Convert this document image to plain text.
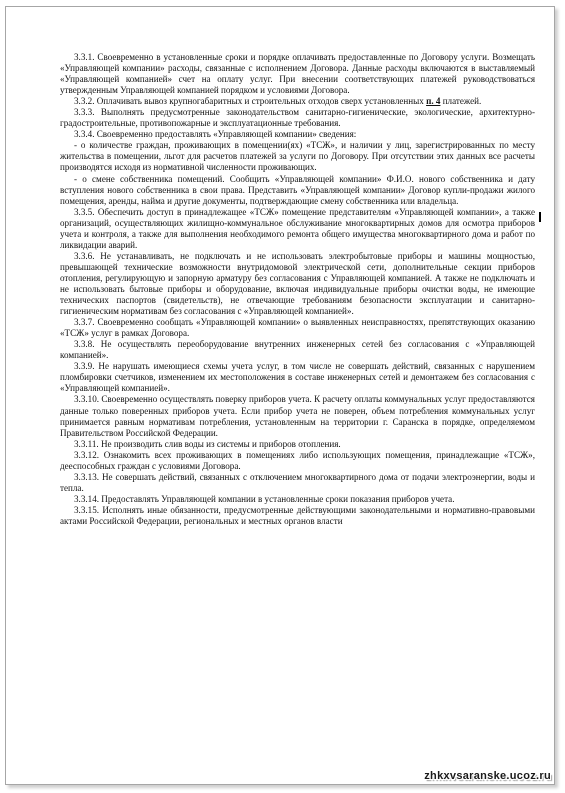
3.3.1. Своевременно в установленные сроки и порядке оплачивать предоставленные по Договору услуги. Возмещать «Управляющей компании» расходы, связанные с исполнением Договора. Данные расходы включаются в выставляемый «Управляющей компанией» счет на оплату услуг. При внесении соответствующих платежей руководствоваться утвержденным Управляющей компанией порядком и условиями Договора.

3.3.2. Оплачивать вывоз крупногабаритных и строительных отходов сверх установленных п. 4 платежей.

3.3.3. Выполнять предусмотренные законодательством санитарно-гигиенические, экологические, архитектурно-градостроительные, противопожарные и эксплуатационные требования.

3.3.4. Своевременно предоставлять «Управляющей компании» сведения:

- о количестве граждан, проживающих в помещении(ях) «ТСЖ», и наличии у лиц, зарегистрированных по месту жительства в помещении, льгот для расчетов платежей за услуги по Договору. При отсутствии этих данных все расчеты производятся исходя из нормативной численности проживающих.

- о смене собственника помещений. Сообщить «Управляющей компании» Ф.И.О. нового собственника и дату вступления нового собственника в свои права. Представить «Управляющей компании» Договор купли-продажи жилого помещения, аренды, найма и другие документы, подтверждающие смену собственника или владельца.

3.3.5. Обеспечить доступ в принадлежащее «ТСЖ» помещение представителям «Управляющей компании», а также организаций, осуществляющих жилищно-коммунальное обслуживание многоквартирных домов для осмотра приборов учета и контроля, а также для выполнения необходимого ремонта общего имущества многоквартирного дома и работ по ликвидации аварий.

3.3.6. Не устанавливать, не подключать и не использовать электробытовые приборы и машины мощностью, превышающей технические возможности внутридомовой электрической сети, дополнительные секции приборов отопления, регулирующую и запорную арматуру без согласования с Управляющей компанией. А также не подключать и не использовать бытовые приборы и оборудование, включая индивидуальные приборы очистки воды, не имеющие технических паспортов (свидетельств), не отвечающие требованиям безопасности эксплуатации и санитарно-гигиеническим нормативам без согласования с «Управляющей компанией».

3.3.7. Своевременно сообщать «Управляющей компании» о выявленных неисправностях, препятствующих оказанию «ТСЖ» услуг в рамках Договора.

3.3.8. Не осуществлять переоборудование внутренних инженерных сетей без согласования с «Управляющей компанией».

3.3.9. Не нарушать имеющиеся схемы учета услуг, в том числе не совершать действий, связанных с нарушением пломбировки счетчиков, изменением их местоположения в составе инженерных сетей и демонтажем без согласования с «Управляющей компанией».

3.3.10. Своевременно осуществлять поверку приборов учета. К расчету оплаты коммунальных услуг предоставляются данные только поверенных приборов учета. Если прибор учета не поверен, объем потребления коммунальных услуг принимается равным нормативам потребления, установленным на территории г. Саранска в порядке, определяемом Правительством Российской Федерации.

3.3.11. Не производить слив воды из системы и приборов отопления.

3.3.12. Ознакомить всех проживающих в помещениях либо использующих помещения, принадлежащие «ТСЖ», дееспособных граждан с условиями Договора.

3.3.13. Не совершать действий, связанных с отключением многоквартирного дома от подачи электроэнергии, воды и тепла.

3.3.14. Предоставлять Управляющей компании в установленные сроки показания приборов учета.

3.3.15. Исполнять иные обязанности, предусмотренные действующими законодательными и нормативно-правовыми актами Российской Федерации, региональных и местных органов власти

zhkxvsaranske.ucoz.ru
